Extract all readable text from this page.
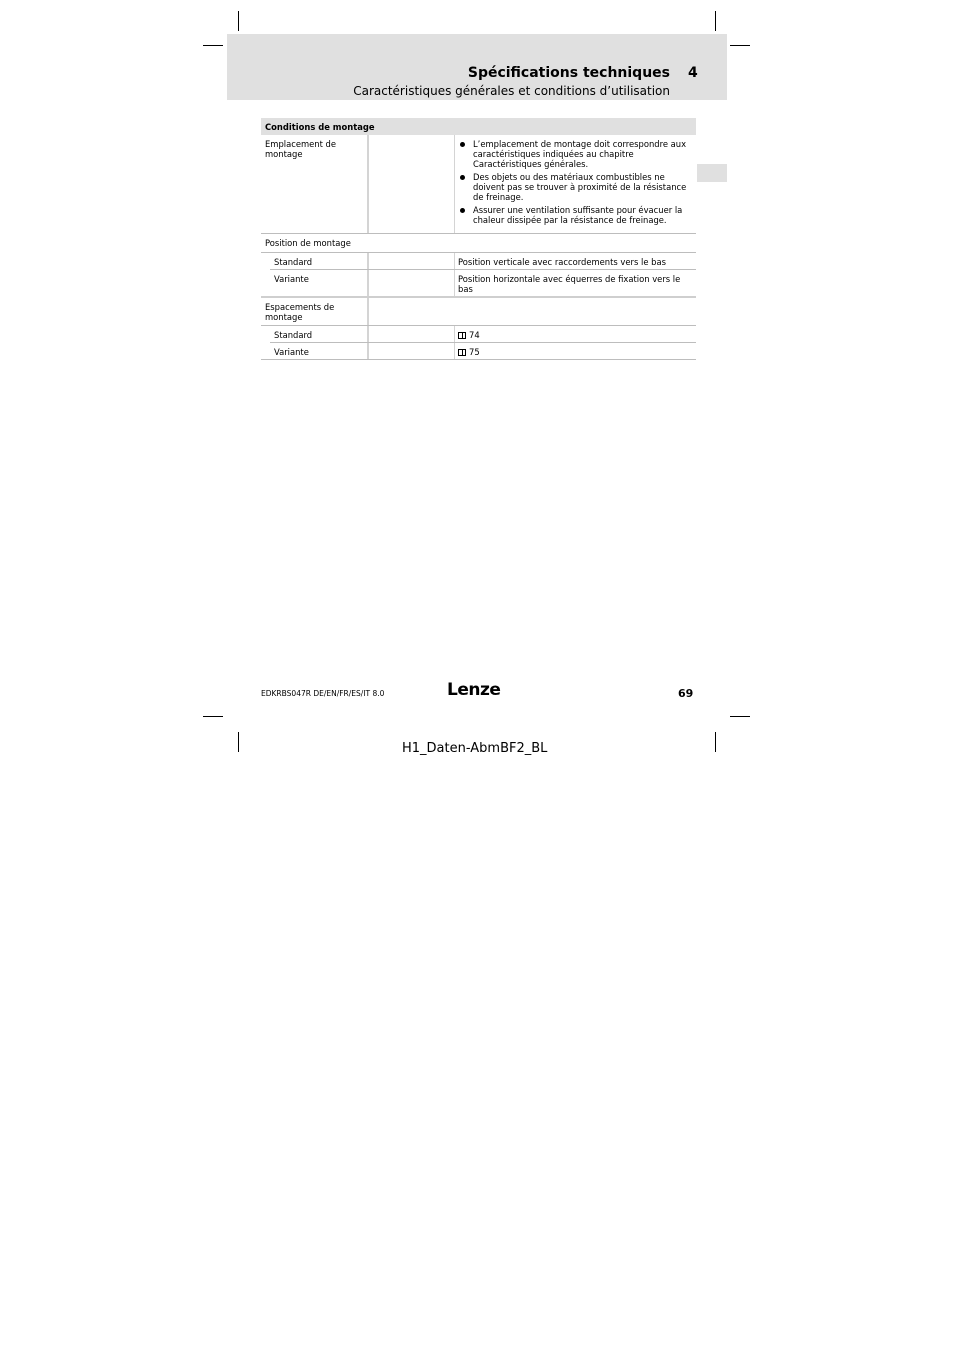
Spécifications techniques 4
Caractéristiques générales et conditions d’utilisation
Conditions de montage
Emplacement de montage
L’emplacement de montage doit correspondre aux caractéristiques indiquées au chapitre Caractéristiques générales.
Des objets ou des matériaux combustibles ne doivent pas se trouver à proximité de la résistance de freinage.
Assurer une ventilation suffisante pour évacuer la chaleur dissipée par la résistance de freinage.
Position de montage
Standard	Position verticale avec raccordements vers le bas
Variante	Position horizontale avec équerres de fixation vers le bas
Espacements de montage
Standard	74
Variante	75
EDKRBS047R DE/EN/FR/ES/IT 8.0	Lenze	69
H1_Daten-AbmBF2_BL
